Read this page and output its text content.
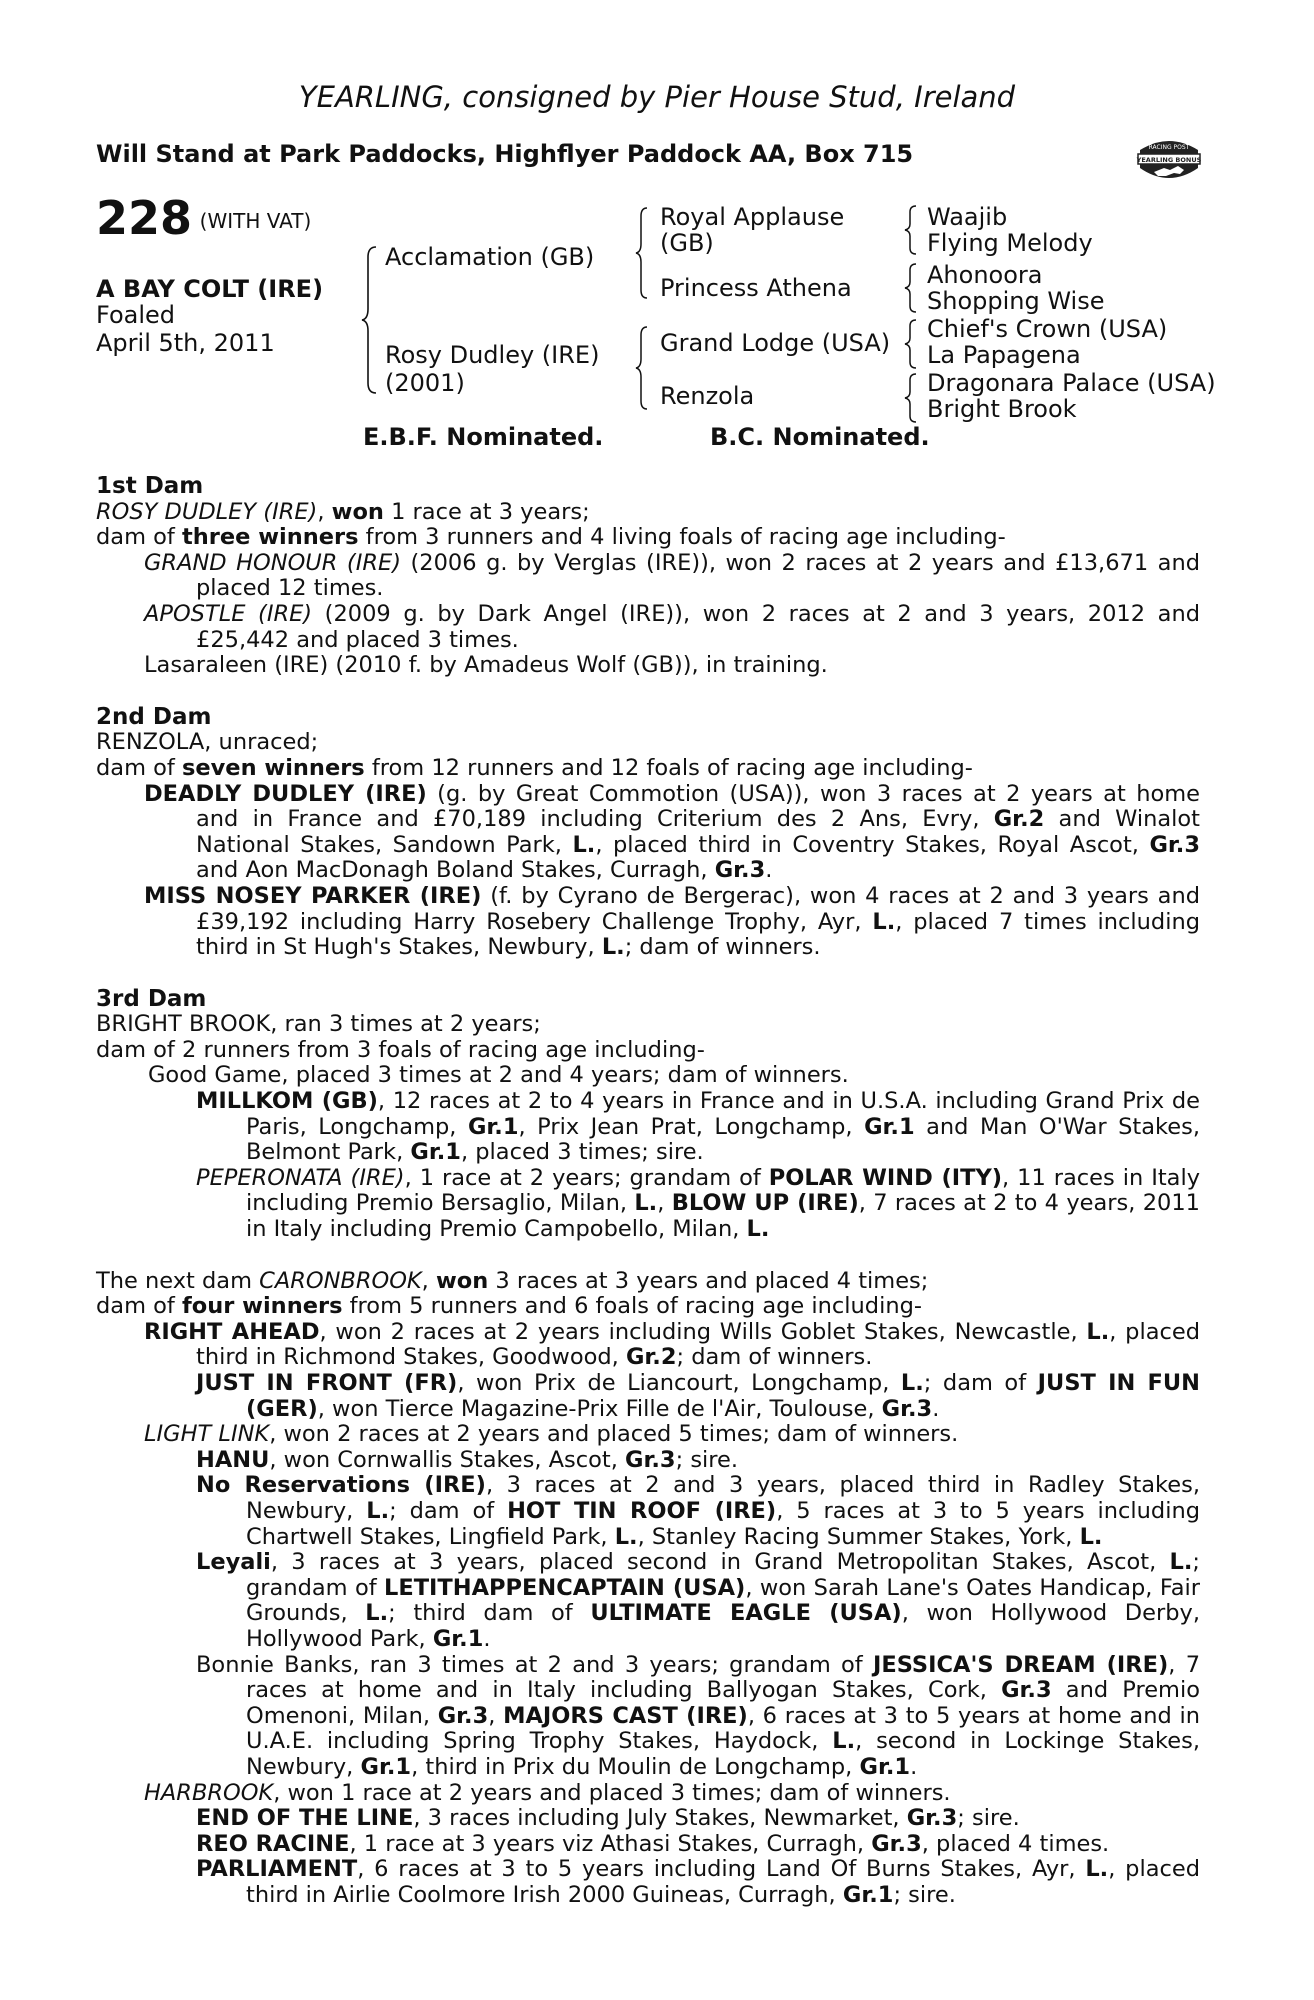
YEARLING, consigned by Pier House Stud, Ireland
Will Stand at Park Paddocks, Highflyer Paddock AA, Box 715	RACING POST
YEARLING BONUS
£10,000
228 $^{(WITH VAT)}$
A BAY COLT (IRE)
Foaled
April 5th, 2011
Acclamation (GB)
Rosy Dudley (IRE)
(2001)
Royal Applause
(GB)
Princess Athena
Grand Lodge (USA)
Renzola
Waajib
Flying Melody
Ahonoora
Shopping Wise
Chief's Crown (USA)
La Papagena
Dragonara Palace (USA)
Bright Brook
E.B.F. Nominated.	B.C. Nominated.
1st Dam
ROSY DUDLEY (IRE), won 1 race at 3 years;
dam of three winners from 3 runners and 4 living foals of racing age including-
GRAND HONOUR (IRE) (2006 g. by Verglas (IRE)), won 2 races at 2 years and £13,671 and placed 12 times.
APOSTLE (IRE) (2009 g. by Dark Angel (IRE)), won 2 races at 2 and 3 years, 2012 and £25,442 and placed 3 times.
Lasaraleen (IRE) (2010 f. by Amadeus Wolf (GB)), in training.
2nd Dam
RENZOLA, unraced;
dam of seven winners from 12 runners and 12 foals of racing age including-
DEADLY DUDLEY (IRE) (g. by Great Commotion (USA)), won 3 races at 2 years at home and in France and £70,189 including Criterium des 2 Ans, Evry, Gr.2 and Winalot National Stakes, Sandown Park, L., placed third in Coventry Stakes, Royal Ascot, Gr.3 and Aon MacDonagh Boland Stakes, Curragh, Gr.3.
MISS NOSEY PARKER (IRE) (f. by Cyrano de Bergerac), won 4 races at 2 and 3 years and £39,192 including Harry Rosebery Challenge Trophy, Ayr, L., placed 7 times including third in St Hugh's Stakes, Newbury, L.; dam of winners.
3rd Dam
BRIGHT BROOK, ran 3 times at 2 years;
dam of 2 runners from 3 foals of racing age including-
Good Game, placed 3 times at 2 and 4 years; dam of winners.
MILLKOM (GB), 12 races at 2 to 4 years in France and in U.S.A. including Grand Prix de Paris, Longchamp, Gr.1, Prix Jean Prat, Longchamp, Gr.1 and Man O'War Stakes, Belmont Park, Gr.1, placed 3 times; sire.
PEPERONATA (IRE), 1 race at 2 years; grandam of POLAR WIND (ITY), 11 races in Italy including Premio Bersaglio, Milan, L., BLOW UP (IRE), 7 races at 2 to 4 years, 2011 in Italy including Premio Campobello, Milan, L.
The next dam CARONBROOK, won 3 races at 3 years and placed 4 times;
dam of four winners from 5 runners and 6 foals of racing age including-
RIGHT AHEAD, won 2 races at 2 years including Wills Goblet Stakes, Newcastle, L., placed third in Richmond Stakes, Goodwood, Gr.2; dam of winners.
JUST IN FRONT (FR), won Prix de Liancourt, Longchamp, L.; dam of JUST IN FUN (GER), won Tierce Magazine-Prix Fille de l'Air, Toulouse, Gr.3.
LIGHT LINK, won 2 races at 2 years and placed 5 times; dam of winners.
HANU, won Cornwallis Stakes, Ascot, Gr.3; sire.
No Reservations (IRE), 3 races at 2 and 3 years, placed third in Radley Stakes, Newbury, L.; dam of HOT TIN ROOF (IRE), 5 races at 3 to 5 years including Chartwell Stakes, Lingfield Park, L., Stanley Racing Summer Stakes, York, L.
Leyali, 3 races at 3 years, placed second in Grand Metropolitan Stakes, Ascot, L.; grandam of LETITHAPPENCAPTAIN (USA), won Sarah Lane's Oates Handicap, Fair Grounds, L.; third dam of ULTIMATE EAGLE (USA), won Hollywood Derby, Hollywood Park, Gr.1.
Bonnie Banks, ran 3 times at 2 and 3 years; grandam of JESSICA'S DREAM (IRE), 7 races at home and in Italy including Ballyogan Stakes, Cork, Gr.3 and Premio Omenoni, Milan, Gr.3, MAJORS CAST (IRE), 6 races at 3 to 5 years at home and in U.A.E. including Spring Trophy Stakes, Haydock, L., second in Lockinge Stakes, Newbury, Gr.1, third in Prix du Moulin de Longchamp, Gr.1.
HARBROOK, won 1 race at 2 years and placed 3 times; dam of winners.
END OF THE LINE, 3 races including July Stakes, Newmarket, Gr.3; sire.
REO RACINE, 1 race at 3 years viz Athasi Stakes, Curragh, Gr.3, placed 4 times.
PARLIAMENT, 6 races at 3 to 5 years including Land Of Burns Stakes, Ayr, L., placed third in Airlie Coolmore Irish 2000 Guineas, Curragh, Gr.1; sire.
